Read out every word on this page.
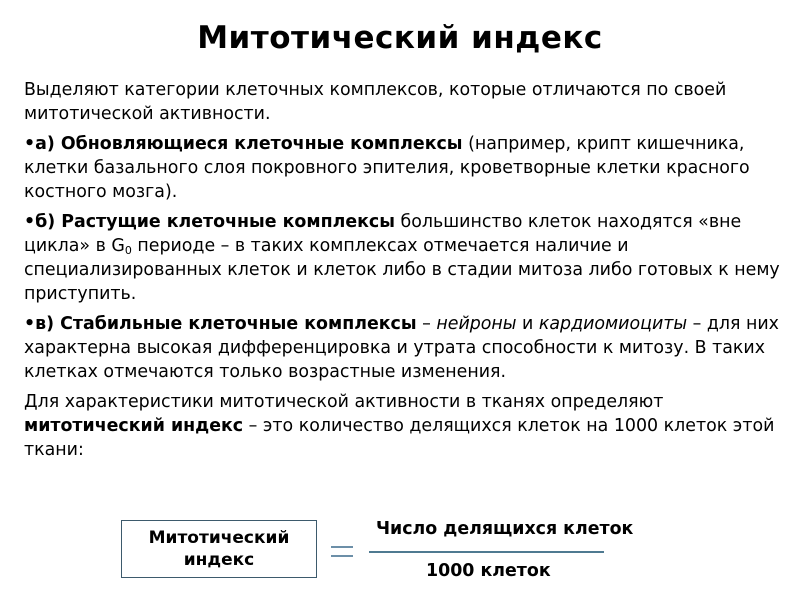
Митотический индекс

Выделяют категории клеточных комплексов, которые отличаются по своей митотической активности.

•а) Обновляющиеся клеточные комплексы (например, крипт кишечника, клетки базального слоя покровного эпителия, кроветворные клетки красного костного мозга).

•б) Растущие клеточные комплексы большинство клеток находятся «вне цикла» в $G_0$ периоде – в таких комплексах отмечается наличие и специализированных клеток и клеток либо в стадии митоза либо готовых к нему приступить.

•в) Стабильные клеточные комплексы – нейроны и кардиомиоциты – для них характерна высокая дифференцировка и утрата способности к митозу. В таких клетках отмечаются только возрастные изменения.

Для характеристики митотической активности в тканях определяют митотический индекс – это количество делящихся клеток на 1000 клеток этой ткани:

Митотический индекс
Число делящихся клеток
1000 клеток
